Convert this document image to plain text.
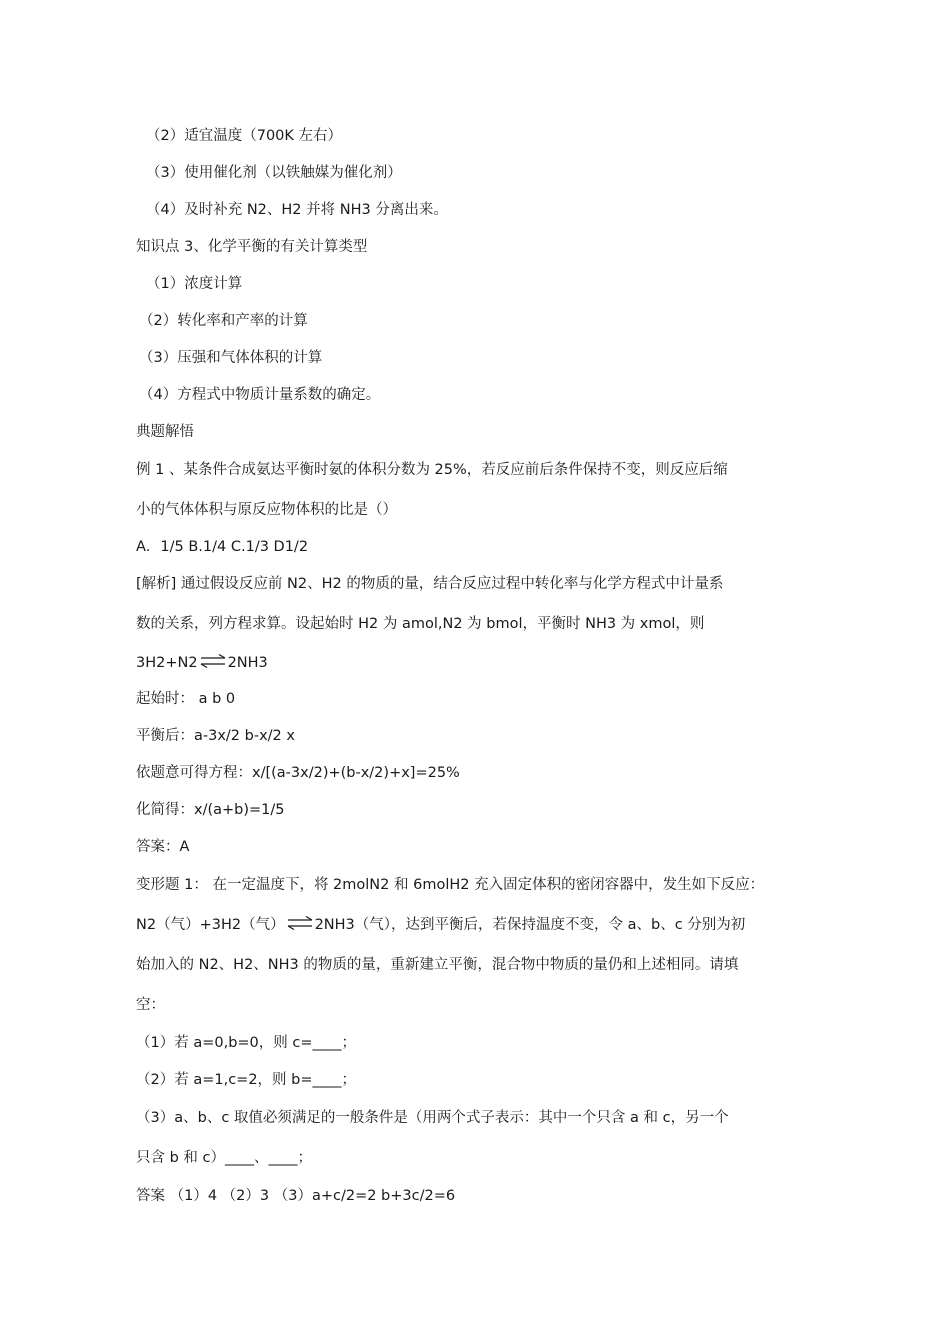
（2）适宜温度（700K 左右）
（3）使用催化剂（以铁触媒为催化剂）
（4）及时补充 N2、H2 并将 NH3 分离出来。
知识点 3、化学平衡的有关计算类型
（1）浓度计算
（2）转化率和产率的计算
（3）压强和气体体积的计算
（4）方程式中物质计量系数的确定。
典题解悟
例 1 、某条件合成氨达平衡时氨的体积分数为 25%，若反应前后条件保持不变，则反应后缩
小的气体体积与原反应物体积的比是（）
A．1/5 B.1/4 C.1/3 D1/2
[解析] 通过假设反应前 N2、H2 的物质的量，结合反应过程中转化率与化学方程式中计量系
数的关系，列方程求算。设起始时 H2 为 amol,N2 为 bmol，平衡时 NH3 为 xmol，则
3H2+N2 ⇌ 2NH3
起始时： a b 0
平衡后：a-3x/2 b-x/2 x
依题意可得方程：x/[(a-3x/2)+(b-x/2)+x]=25%
化简得：x/(a+b)=1/5
答案：A
变形题 1： 在一定温度下，将 2molN2 和 6molH2 充入固定体积的密闭容器中，发生如下反应：
N2（气）+3H2（气） ⇌ 2NH3（气），达到平衡后，若保持温度不变，令 a、b、c 分别为初
始加入的 N2、H2、NH3 的物质的量，重新建立平衡，混合物中物质的量仍和上述相同。请填
空：
（1）若 a=0,b=0，则 c=____；
（2）若 a=1,c=2，则 b=____；
（3）a、b、c 取值必须满足的一般条件是（用两个式子表示：其中一个只含 a 和 c，另一个
只含 b 和 c）____、____；
答案 （1）4 （2）3 （3）a+c/2=2 b+3c/2=6
